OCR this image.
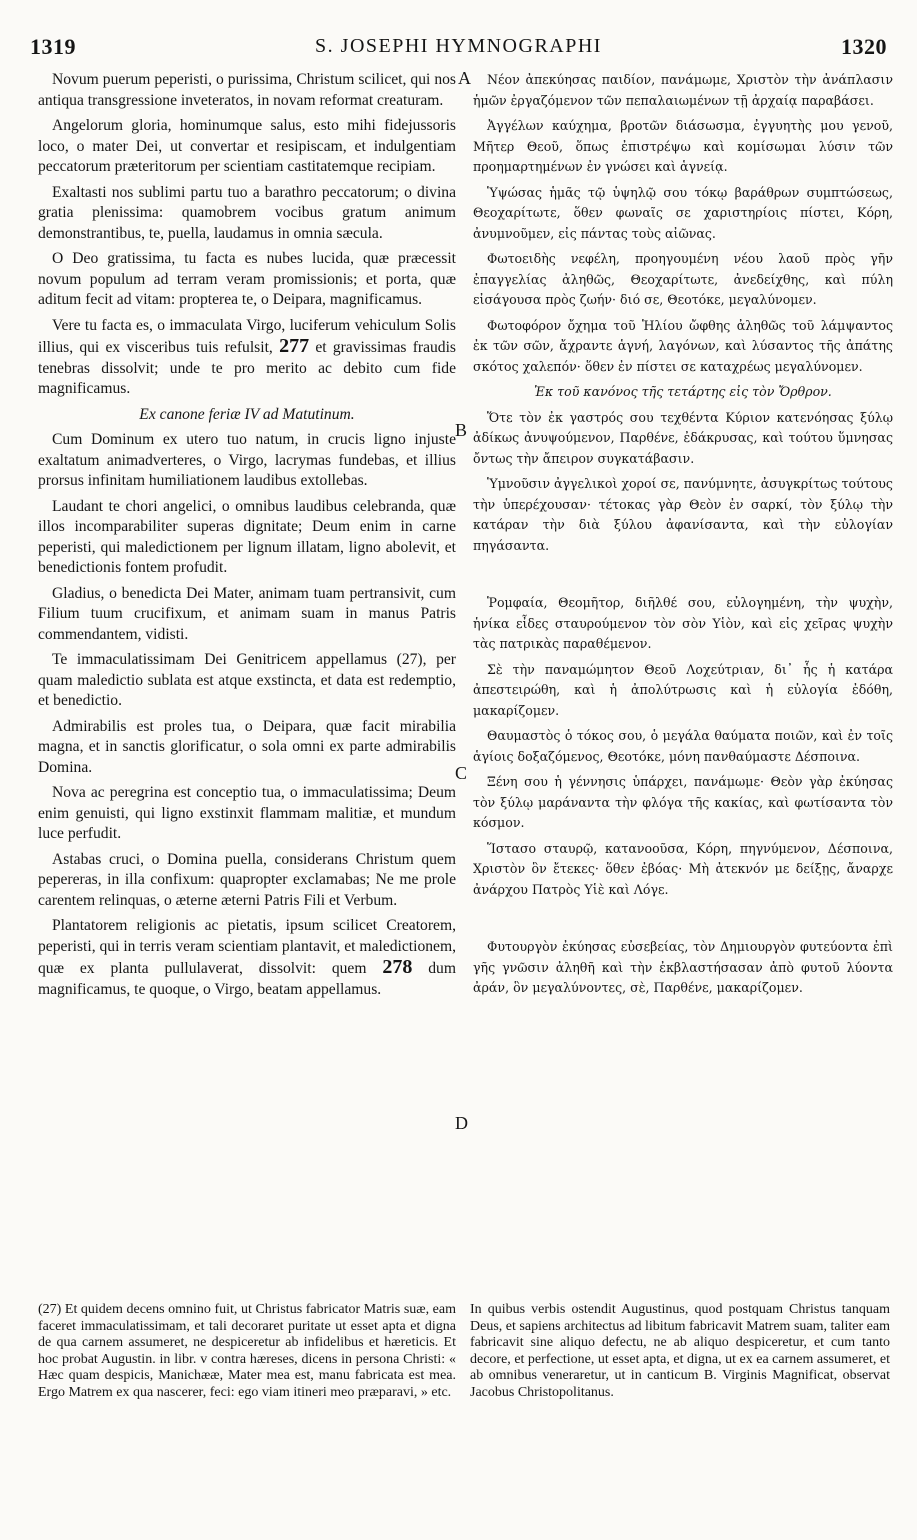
1319	S. JOSEPHI HYMNOGRAPHI	1320
A
B
C
D

Novum puerum peperisti, o purissima, Christum scilicet, qui nos antiqua transgressione inveteratos, in novam reformat creaturam.

Angelorum gloria, hominumque salus, esto mihi fidejussoris loco, o mater Dei, ut convertar et resipiscam, et indulgentiam peccatorum præteritorum per scientiam castitatemque recipiam.

Exaltasti nos sublimi partu tuo a barathro peccatorum; o divina gratia plenissima: quamobrem vocibus gratum animum demonstrantibus, te, puella, laudamus in omnia sæcula.

O Deo gratissima, tu facta es nubes lucida, quæ præcessit novum populum ad terram veram promissionis; et porta, quæ aditum fecit ad vitam: propterea te, o Deipara, magnificamus.

Vere tu facta es, o immaculata Virgo, luciferum vehiculum Solis illius, qui ex visceribus tuis refulsit, 277 et gravissimas fraudis tenebras dissolvit; unde te pro merito ac debito cum fide magnificamus.

Ex canone feriæ IV ad Matutinum.

Cum Dominum ex utero tuo natum, in crucis ligno injuste exaltatum animadverteres, o Virgo, lacrymas fundebas, et illius prorsus infinitam humiliationem laudibus extollebas.

Laudant te chori angelici, o omnibus laudibus celebranda, quæ illos incomparabiliter superas dignitate; Deum enim in carne peperisti, qui maledictionem per lignum illatam, ligno abolevit, et benedictionis fontem profudit.

Gladius, o benedicta Dei Mater, animam tuam pertransivit, cum Filium tuum crucifixum, et animam suam in manus Patris commendantem, vidisti.

Te immaculatissimam Dei Genitricem appellamus (27), per quam maledictio sublata est atque exstincta, et data est redemptio, et benedictio.

Admirabilis est proles tua, o Deipara, quæ facit mirabilia magna, et in sanctis glorificatur, o sola omni ex parte admirabilis Domina.

Nova ac peregrina est conceptio tua, o immaculatissima; Deum enim genuisti, qui ligno exstinxit flammam malitiæ, et mundum luce perfudit.

Astabas cruci, o Domina puella, considerans Christum quem pepereras, in illa confixum: quapropter exclamabas; Ne me prole carentem relinquas, o æterne æterni Patris Fili et Verbum.

Plantatorem religionis ac pietatis, ipsum scilicet Creatorem, peperisti, qui in terris veram scientiam plantavit, et maledictionem, quæ ex planta pullulaverat, dissolvit: quem 278 dum magnificamus, te quoque, o Virgo, beatam appellamus.

Νέον ἀπεκύησας παιδίον, πανάμωμε, Χριστὸν τὴν ἀνάπλασιν ἡμῶν ἐργαζόμενον τῶν πεπαλαιωμένων τῇ ἀρχαίᾳ παραβάσει.

Ἀγγέλων καύχημα, βροτῶν διάσωσμα, ἐγγυητὴς μου γενοῦ, Μῆτερ Θεοῦ, ὅπως ἐπιστρέψω καὶ κομίσωμαι λύσιν τῶν προημαρτημένων ἐν γνώσει καὶ ἁγνείᾳ.

Ὑψώσας ἡμᾶς τῷ ὑψηλῷ σου τόκῳ βαράθρων συμπτώσεως, Θεοχαρίτωτε, ὅθεν φωναῖς σε χαριστηρίοις πίστει, Κόρη, ἀνυμνοῦμεν, εἰς πάντας τοὺς αἰῶνας.

Φωτοειδὴς νεφέλη, προηγουμένη νέου λαοῦ πρὸς γῆν ἐπαγγελίας ἀληθῶς, Θεοχαρίτωτε, ἀνεδείχθης, καὶ πύλη εἰσάγουσα πρὸς ζωήν· διό σε, Θεοτόκε, μεγαλύνομεν.

Φωτοφόρον ὄχημα τοῦ Ἡλίου ὤφθης ἀληθῶς τοῦ λάμψαντος ἐκ τῶν σῶν, ἄχραντε ἁγνή, λαγόνων, καὶ λύσαντος τῆς ἀπάτης σκότος χαλεπόν· ὅθεν ἐν πίστει σε καταχρέως μεγαλύνομεν.

Ἐκ τοῦ κανόνος τῆς τετάρτης εἰς τὸν Ὄρθρον.

Ὅτε τὸν ἐκ γαστρός σου τεχθέντα Κύριον κατενόησας ξύλῳ ἀδίκως ἀνυψούμενον, Παρθένε, ἐδάκρυσας, καὶ τούτου ὕμνησας ὄντως τὴν ἄπειρον συγκατάβασιν.

Ὑμνοῦσιν ἀγγελικοὶ χοροί σε, πανύμνητε, ἀσυγκρίτως τούτους τὴν ὑπερέχουσαν· τέτοκας γὰρ Θεὸν ἐν σαρκί, τὸν ξύλῳ τὴν κατάραν τὴν διὰ ξύλου ἀφανίσαντα, καὶ τὴν εὐλογίαν πηγάσαντα.

Ῥομφαία, Θεομῆτορ, διῆλθέ σου, εὐλογημένη, τὴν ψυχὴν, ἡνίκα εἶδες σταυρούμενον τὸν σὸν Υἱὸν, καὶ εἰς χεῖρας ψυχὴν τὰς πατρικὰς παραθέμενον.

Σὲ τὴν παναμώμητον Θεοῦ Λοχεύτριαν, δι᾽ ἧς ἡ κατάρα ἀπεστειρώθη, καὶ ἡ ἀπολύτρωσις καὶ ἡ εὐλογία ἐδόθη, μακαρίζομεν.

Θαυμαστὸς ὁ τόκος σου, ὁ μεγάλα θαύματα ποιῶν, καὶ ἐν τοῖς ἁγίοις δοξαζόμενος, Θεοτόκε, μόνη πανθαύμαστε Δέσποινα.

Ξένη σου ἡ γέννησις ὑπάρχει, πανάμωμε· Θεὸν γὰρ ἐκύησας τὸν ξύλῳ μαράναντα τὴν φλόγα τῆς κακίας, καὶ φωτίσαντα τὸν κόσμον.

Ἵστασο σταυρῷ, κατανοοῦσα, Κόρη, πηγνύμενον, Δέσποινα, Χριστὸν ὃν ἔτεκες· ὅθεν ἐβόας· Μὴ ἀτεκνόν με δείξῃς, ἄναρχε ἀνάρχου Πατρὸς Υἱὲ καὶ Λόγε.

Φυτουργὸν ἐκύησας εὐσεβείας, τὸν Δημιουργὸν φυτεύοντα ἐπὶ γῆς γνῶσιν ἀληθῆ καὶ τὴν ἐκβλαστήσασαν ἀπὸ φυτοῦ λύοντα ἀράν, ὃν μεγαλύνοντες, σὲ, Παρθένε, μακαρίζομεν.

(27) Et quidem decens omnino fuit, ut Christus fabricator Matris suæ, eam faceret immaculatissimam, et tali decoraret puritate ut esset apta et digna de qua carnem assumeret, ne despiceretur ab infidelibus et hæreticis. Et hoc probat Augustin. in libr. v contra hæreses, dicens in persona Christi: « Hæc quam despicis, Manichææ, Mater mea est, manu fabricata est mea. Ergo Matrem ex qua nascerer, feci: ego viam itineri meo præparavi, » etc.

In quibus verbis ostendit Augustinus, quod postquam Christus tanquam Deus, et sapiens architectus ad libitum fabricavit Matrem suam, taliter eam fabricavit sine aliquo defectu, ne ab aliquo despiceretur, et cum tanto decore, et perfectione, ut esset apta, et digna, ut ex ea carnem assumeret, et ab omnibus veneraretur, ut in canticum B. Virginis Magnificat, observat Jacobus Christopolitanus.
